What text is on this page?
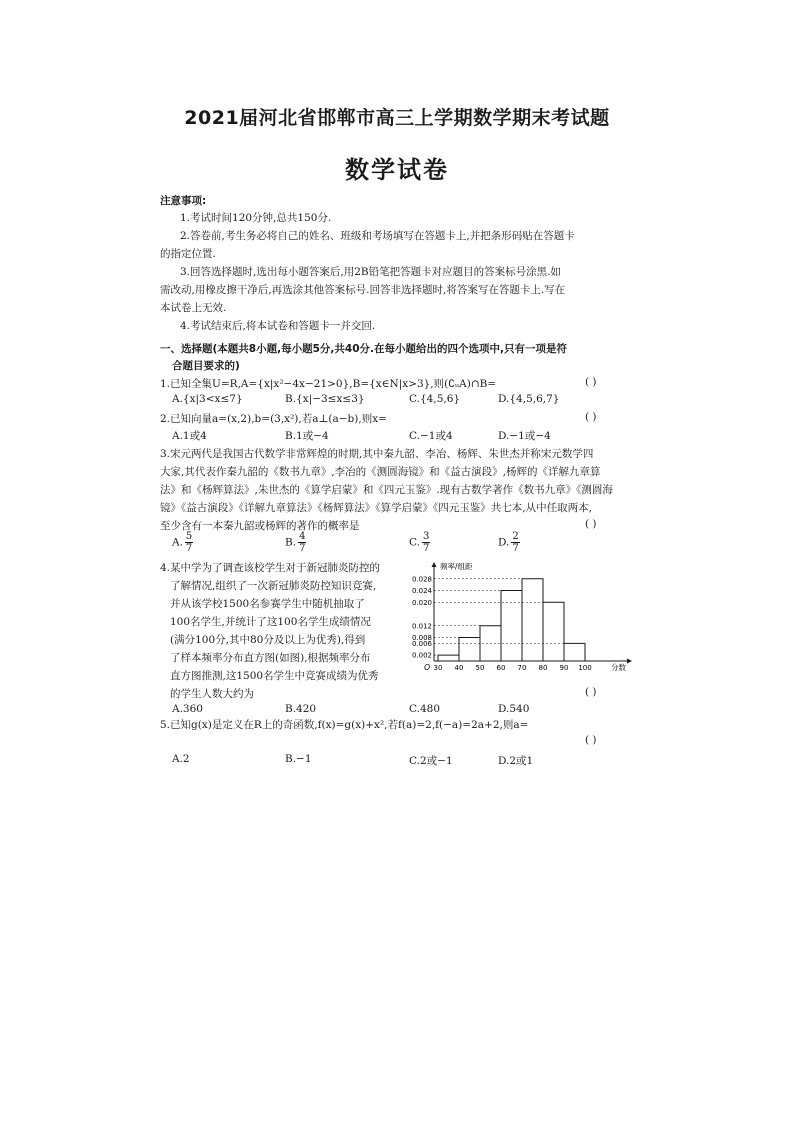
2021届河北省邯郸市高三上学期数学期末考试题
数学试卷
注意事项:
1.考试时间120分钟,总共150分.
2.答卷前,考生务必将自己的姓名、班级和考场填写在答题卡上,并把条形码贴在答题卡
的指定位置.
3.回答选择题时,选出每小题答案后,用2B铅笔把答题卡对应题目的答案标号涂黑.如
需改动,用橡皮擦干净后,再选涂其他答案标号.回答非选择题时,将答案写在答题卡上.写在
本试卷上无效.
4.考试结束后,将本试卷和答题卡一并交回.
一、选择题(本题共8小题,每小题5分,共40分.在每小题给出的四个选项中,只有一项是符
合题目要求的)
1.已知全集U=R,A={x|x²−4x−21>0},B={x∈N|x>3},则(∁ᵤA)∩B=	( )
A.{x|3<x≤7}	B.{x|−3≤x≤3}	C.{4,5,6}	D.{4,5,6,7}
2.已知向量a=(x,2),b=(3,x²),若a⊥(a−b),则x=	( )
A.1或4	B.1或−4	C.−1或4	D.−1或−4
3.宋元两代是我国古代数学非常辉煌的时期,其中秦九韶、李冶、杨辉、朱世杰并称宋元数学四
大家,其代表作秦九韶的《数书九章》,李冶的《测圆海镜》和《益古演段》,杨辉的《详解九章算
法》和《杨辉算法》,朱世杰的《算学启蒙》和《四元玉鉴》.现有古数学著作《数书九章》《测圆海
镜》《益古演段》《详解九章算法》《杨辉算法》《算学启蒙》《四元玉鉴》共七本,从中任取两本,
至少含有一本秦九韶或杨辉的著作的概率是	( )
A. $\frac{5}{7}$	B. $\frac{4}{7}$	C. $\frac{3}{7}$	D. $\frac{2}{7}$
4.某中学为了调查该校学生对于新冠肺炎防控的
了解情况,组织了一次新冠肺炎防控知识竞赛,
并从该学校1500名参赛学生中随机抽取了
100名学生,并统计了这100名学生成绩情况
(满分100分,其中80分及以上为优秀),得到
了样本频率分布直方图(如图),根据频率分布
直方图推测,这1500名学生中竞赛成绩为优秀
的学生人数大约为	( )
0.002
0.006
0.008
0.012
0.020
0.024
0.028
30 40 50 60 70 80 90 100
O
频率/组距
分数
A.360	B.420	C.480	D.540
5.已知g(x)是定义在R上的奇函数,f(x)=g(x)+x²,若f(a)=2,f(−a)=2a+2,则a=
( )
A.2	B.−1	C.2或−1	D.2或1
